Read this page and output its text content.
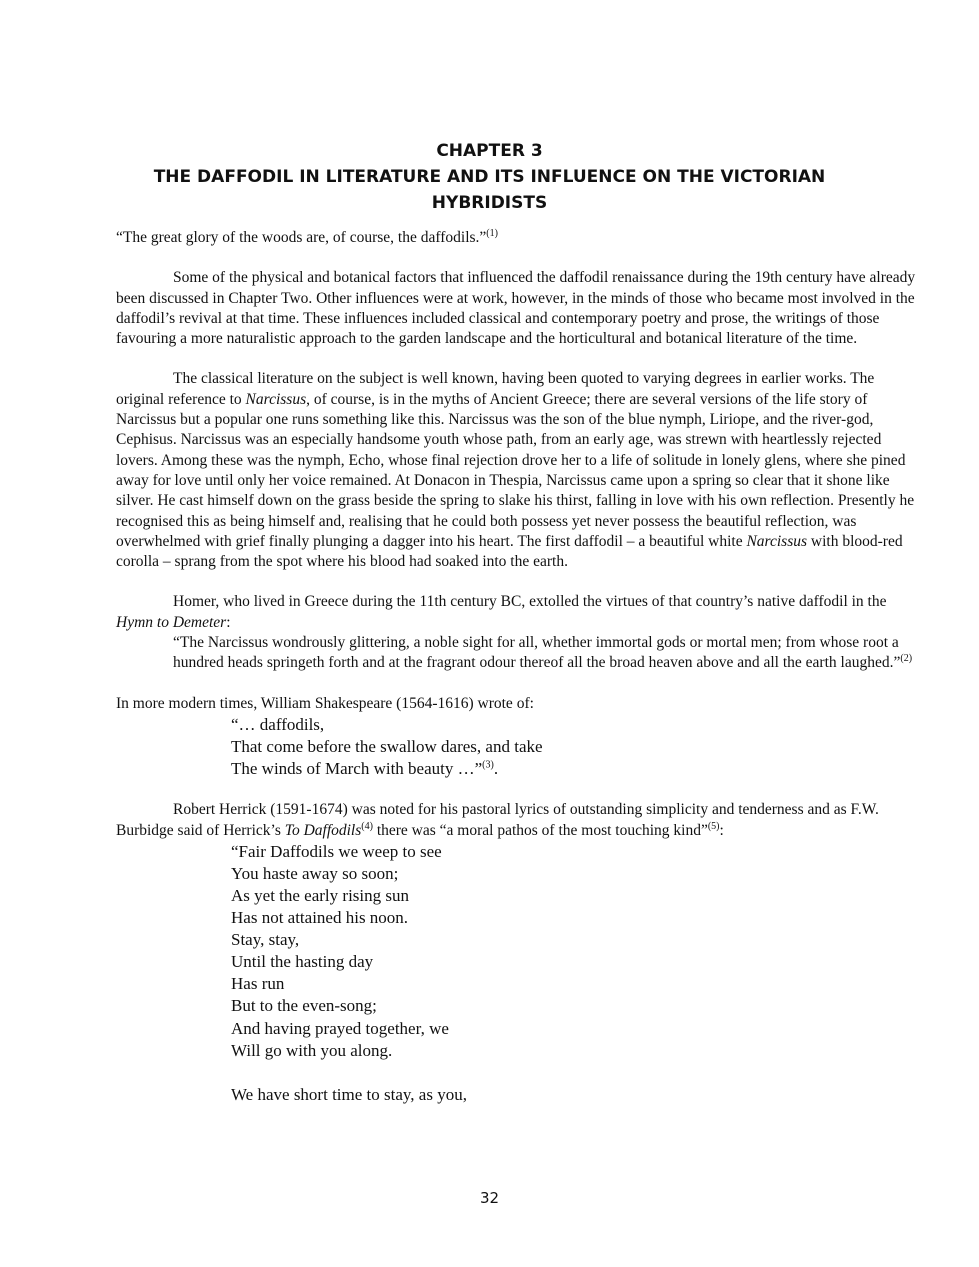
CHAPTER 3
THE DAFFODIL IN LITERATURE AND ITS INFLUENCE ON THE VICTORIAN
HYBRIDISTS

“The great glory of the woods are, of course, the daffodils.”$^{(1)}$

Some of the physical and botanical factors that influenced the daffodil renaissance during the 19th century have already been discussed in Chapter Two. Other influences were at work, however, in the minds of those who became most involved in the daffodil’s revival at that time. These influences included classical and contemporary poetry and prose, the writings of those favouring a more naturalistic approach to the garden landscape and the horticultural and botanical literature of the time.

The classical literature on the subject is well known, having been quoted to varying degrees in earlier works. The original reference to Narcissus, of course, is in the myths of Ancient Greece; there are several versions of the life story of Narcissus but a popular one runs something like this. Narcissus was the son of the blue nymph, Liriope, and the river-god, Cephisus. Narcissus was an especially handsome youth whose path, from an early age, was strewn with heartlessly rejected lovers. Among these was the nymph, Echo, whose final rejection drove her to a life of solitude in lonely glens, where she pined away for love until only her voice remained. At Donacon in Thespia, Narcissus came upon a spring so clear that it shone like silver. He cast himself down on the grass beside the spring to slake his thirst, falling in love with his own reflection. Presently he recognised this as being himself and, realising that he could both possess yet never possess the beautiful reflection, was overwhelmed with grief finally plunging a dagger into his heart. The first daffodil – a beautiful white Narcissus with blood-red corolla – sprang from the spot where his blood had soaked into the earth.

Homer, who lived in Greece during the 11th century BC, extolled the virtues of that country’s native daffodil in the Hymn to Demeter:

“The Narcissus wondrously glittering, a noble sight for all, whether immortal gods or mortal men; from whose root a hundred heads springeth forth and at the fragrant odour thereof all the broad heaven above and all the earth laughed.”$^{(2)}$

In more modern times, William Shakespeare (1564-1616) wrote of:

“… daffodils,
That come before the swallow dares, and take
The winds of March with beauty …”$^{(3)}$.

Robert Herrick (1591-1674) was noted for his pastoral lyrics of outstanding simplicity and tenderness and as F.W. Burbidge said of Herrick’s To Daffodils$^{(4)}$ there was “a moral pathos of the most touching kind”$^{(5)}$:

“Fair Daffodils we weep to see
You haste away so soon;
As yet the early rising sun
Has not attained his noon.
Stay, stay,
Until the hasting day
Has run
But to the even-song;
And having prayed together, we
Will go with you along.
We have short time to stay, as you,
32
